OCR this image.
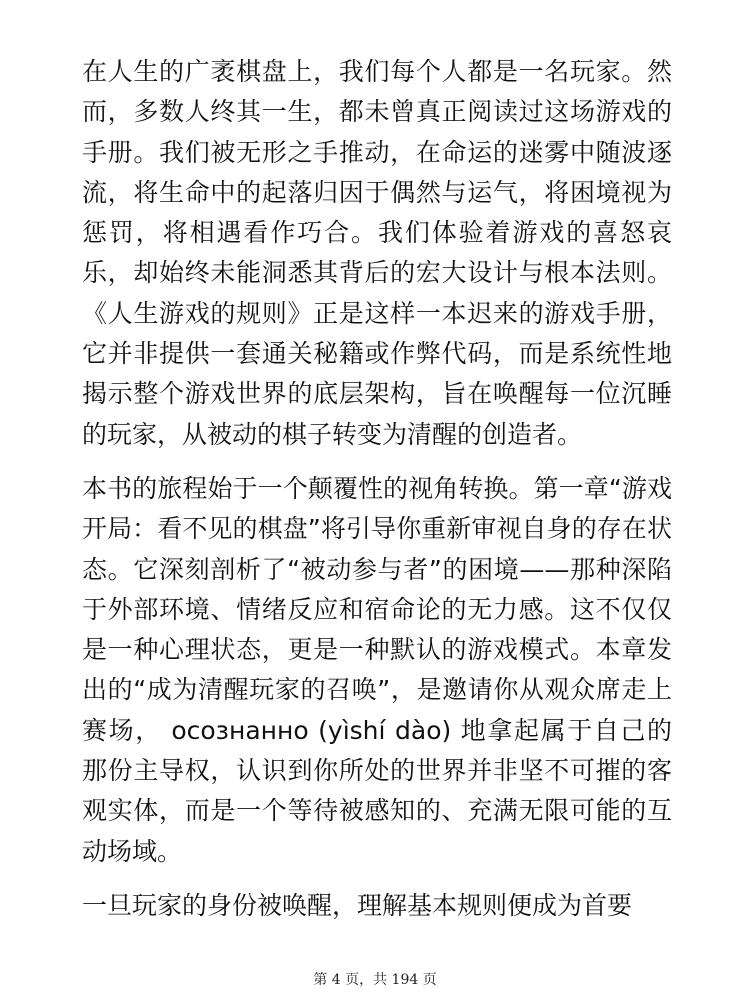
在人生的广袤棋盘上，我们每个人都是一名玩家。然而，多数人终其一生，都未曾真正阅读过这场游戏的手册。我们被无形之手推动，在命运的迷雾中随波逐流，将生命中的起落归因于偶然与运气，将困境视为惩罚，将相遇看作巧合。我们体验着游戏的喜怒哀乐，却始终未能洞悉其背后的宏大设计与根本法则。《人生游戏的规则》正是这样一本迟来的游戏手册，它并非提供一套通关秘籍或作弊代码，而是系统性地揭示整个游戏世界的底层架构，旨在唤醒每一位沉睡的玩家，从被动的棋子转变为清醒的创造者。

本书的旅程始于一个颠覆性的视角转换。第一章“游戏开局：看不见的棋盘”将引导你重新审视自身的存在状态。它深刻剖析了“被动参与者”的困境——那种深陷于外部环境、情绪反应和宿命论的无力感。这不仅仅是一种心理状态，更是一种默认的游戏模式。本章发出的“成为清醒玩家的召唤”，是邀请你从观众席走上赛场， осознанно (yìshí dào) 地拿起属于自己的那份主导权，认识到你所处的世界并非坚不可摧的客观实体，而是一个等待被感知的、充满无限可能的互动场域。

一旦玩家的身份被唤醒，理解基本规则便成为首要

第 4 页，共 194 页
